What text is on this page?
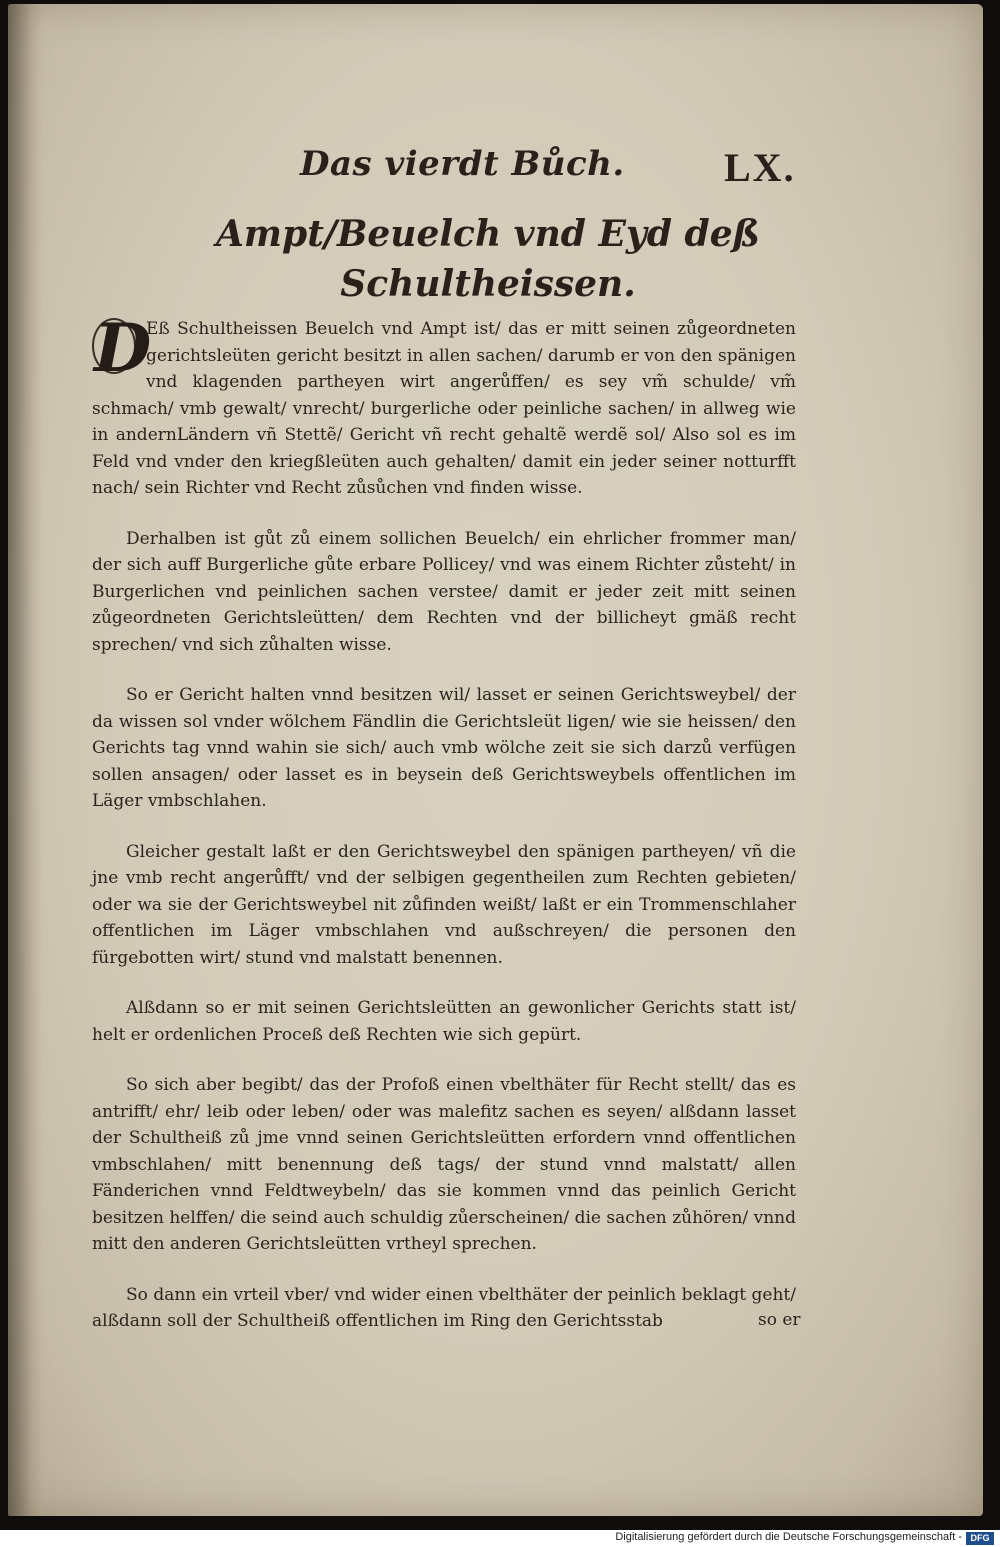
Das vierdt Bůch. LX.
Ampt/Beuelch vnd Eyd deß
Schultheissen.

D
Eß Schultheissen Beuelch vnd Ampt ist/ das er mitt seinen zůgeordneten gerichtsleüten gericht besitzt in allen sachen/ darumb er von den spänigen vnd klagenden partheyen wirt angerůffen/ es sey vm̃ schulde/ vm̃ schmach/ vmb gewalt/ vnrecht/ burgerliche oder peinliche sachen/ in allweg wie in andernLändern vñ Stettẽ/ Gericht vñ recht gehaltẽ werdẽ sol/ Also sol es im Feld vnd vnder den kriegßleüten auch gehalten/ damit ein jeder seiner notturfft nach/ sein Richter vnd Recht zůsůchen vnd finden wisse.

Derhalben ist gůt zů einem sollichen Beuelch/ ein ehrlicher frommer man/ der sich auff Burgerliche gůte erbare Pollicey/ vnd was einem Richter zůsteht/ in Burgerlichen vnd peinlichen sachen verstee/ damit er jeder zeit mitt seinen zůgeordneten Gerichtsleütten/ dem Rechten vnd der billicheyt gmäß recht sprechen/ vnd sich zůhalten wisse.

So er Gericht halten vnnd besitzen wil/ lasset er seinen Gerichtsweybel/ der da wissen sol vnder wölchem Fändlin die Gerichtsleüt ligen/ wie sie heissen/ den Gerichts tag vnnd wahin sie sich/ auch vmb wölche zeit sie sich darzů verfügen sollen ansagen/ oder lasset es in beysein deß Gerichtsweybels offentlichen im Läger vmbschlahen.

Gleicher gestalt laßt er den Gerichtsweybel den spänigen partheyen/ vñ die jne vmb recht angerůfft/ vnd der selbigen gegentheilen zum Rechten gebieten/ oder wa sie der Gerichtsweybel nit zůfinden weißt/ laßt er ein Trommenschlaher offentlichen im Läger vmbschlahen vnd außschreyen/ die personen den fürgebotten wirt/ stund vnd malstatt benennen.

Alßdann so er mit seinen Gerichtsleütten an gewonlicher Gerichts statt ist/ helt er ordenlichen Proceß deß Rechten wie sich gepürt.

So sich aber begibt/ das der Profoß einen vbelthäter für Recht stellt/ das es antrifft/ ehr/ leib oder leben/ oder was malefitz sachen es seyen/ alßdann lasset der Schultheiß zů jme vnnd seinen Gerichtsleütten erfordern vnnd offentlichen vmbschlahen/ mitt benennung deß tags/ der stund vnnd malstatt/ allen Fänderichen vnnd Feldtweybeln/ das sie kommen vnnd das peinlich Gericht besitzen helffen/ die seind auch schuldig zůerscheinen/ die sachen zůhören/ vnnd mitt den anderen Gerichtsleütten vrtheyl sprechen.

So dann ein vrteil vber/ vnd wider einen vbelthäter der peinlich beklagt geht/ alßdann soll der Schultheiß offentlichen im Ring den Gerichtsstab	so er
Digitalisierung gefördert durch die Deutsche Forschungsgemeinschaft - DFG
